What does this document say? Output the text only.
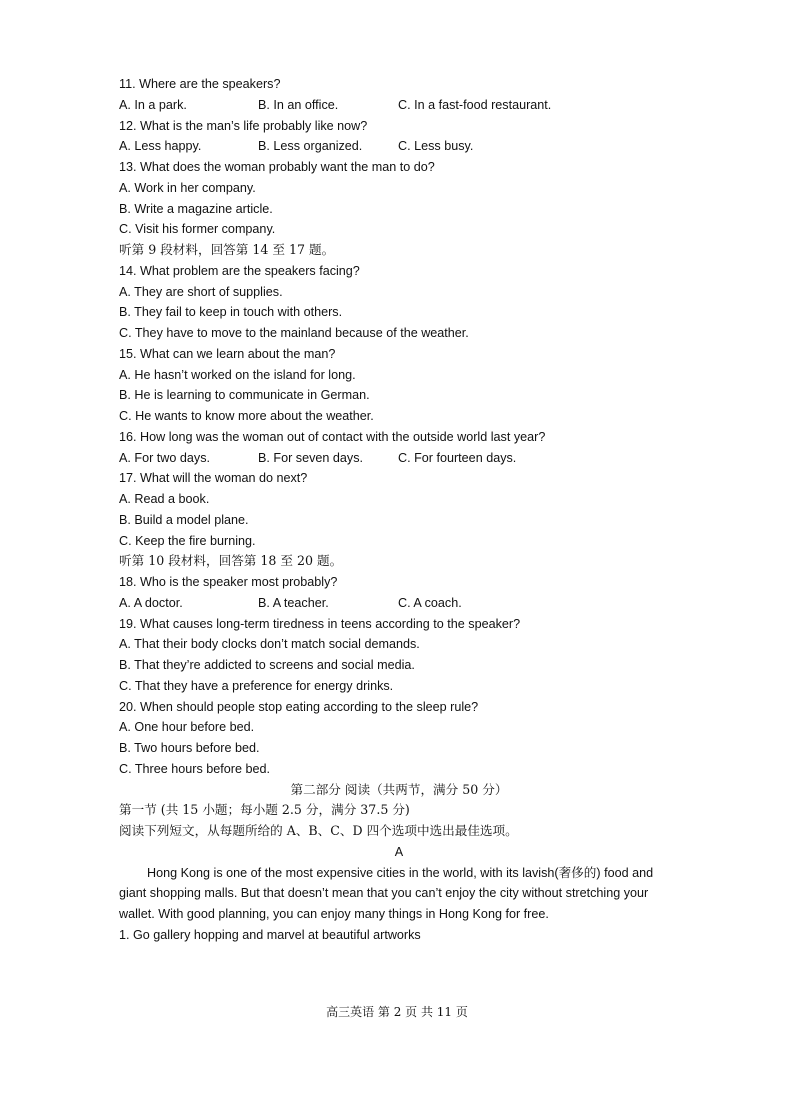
11. Where are the speakers?
A. In a park.	B. In an office.	C. In a fast-food restaurant.
12. What is the man’s life probably like now?
A. Less happy.	B. Less organized.	C. Less busy.
13. What does the woman probably want the man to do?
A. Work in her company.
B. Write a magazine article.
C. Visit his former company.
听第 9 段材料，回答第 14 至 17 题。
14. What problem are the speakers facing?
A. They are short of supplies.
B. They fail to keep in touch with others.
C. They have to move to the mainland because of the weather.
15. What can we learn about the man?
A. He hasn’t worked on the island for long.
B. He is learning to communicate in German.
C. He wants to know more about the weather.
16. How long was the woman out of contact with the outside world last year?
A. For two days.	B. For seven days.	C. For fourteen days.
17. What will the woman do next?
A. Read a book.
B. Build a model plane.
C. Keep the fire burning.
听第 10 段材料，回答第 18 至 20 题。
18. Who is the speaker most probably?
A. A doctor.	B. A teacher.	C. A coach.
19. What causes long-term tiredness in teens according to the speaker?
A. That their body clocks don’t match social demands.
B. That they’re addicted to screens and social media.
C. That they have a preference for energy drinks.
20. When should people stop eating according to the sleep rule?
A. One hour before bed.
B. Two hours before bed.
C. Three hours before bed.
第二部分 阅读（共两节，满分 50 分）
第一节 (共 15 小题；每小题 2.5 分，满分 37.5 分)
阅读下列短文，从每题所给的 A、B、C、D 四个选项中选出最佳选项。
A
Hong Kong is one of the most expensive cities in the world, with its lavish(奢侈的) food and
giant shopping malls. But that doesn’t mean that you can’t enjoy the city without stretching your
wallet. With good planning, you can enjoy many things in Hong Kong for free.
1. Go gallery hopping and marvel at beautiful artworks
高三英语 第 2 页 共 11 页
